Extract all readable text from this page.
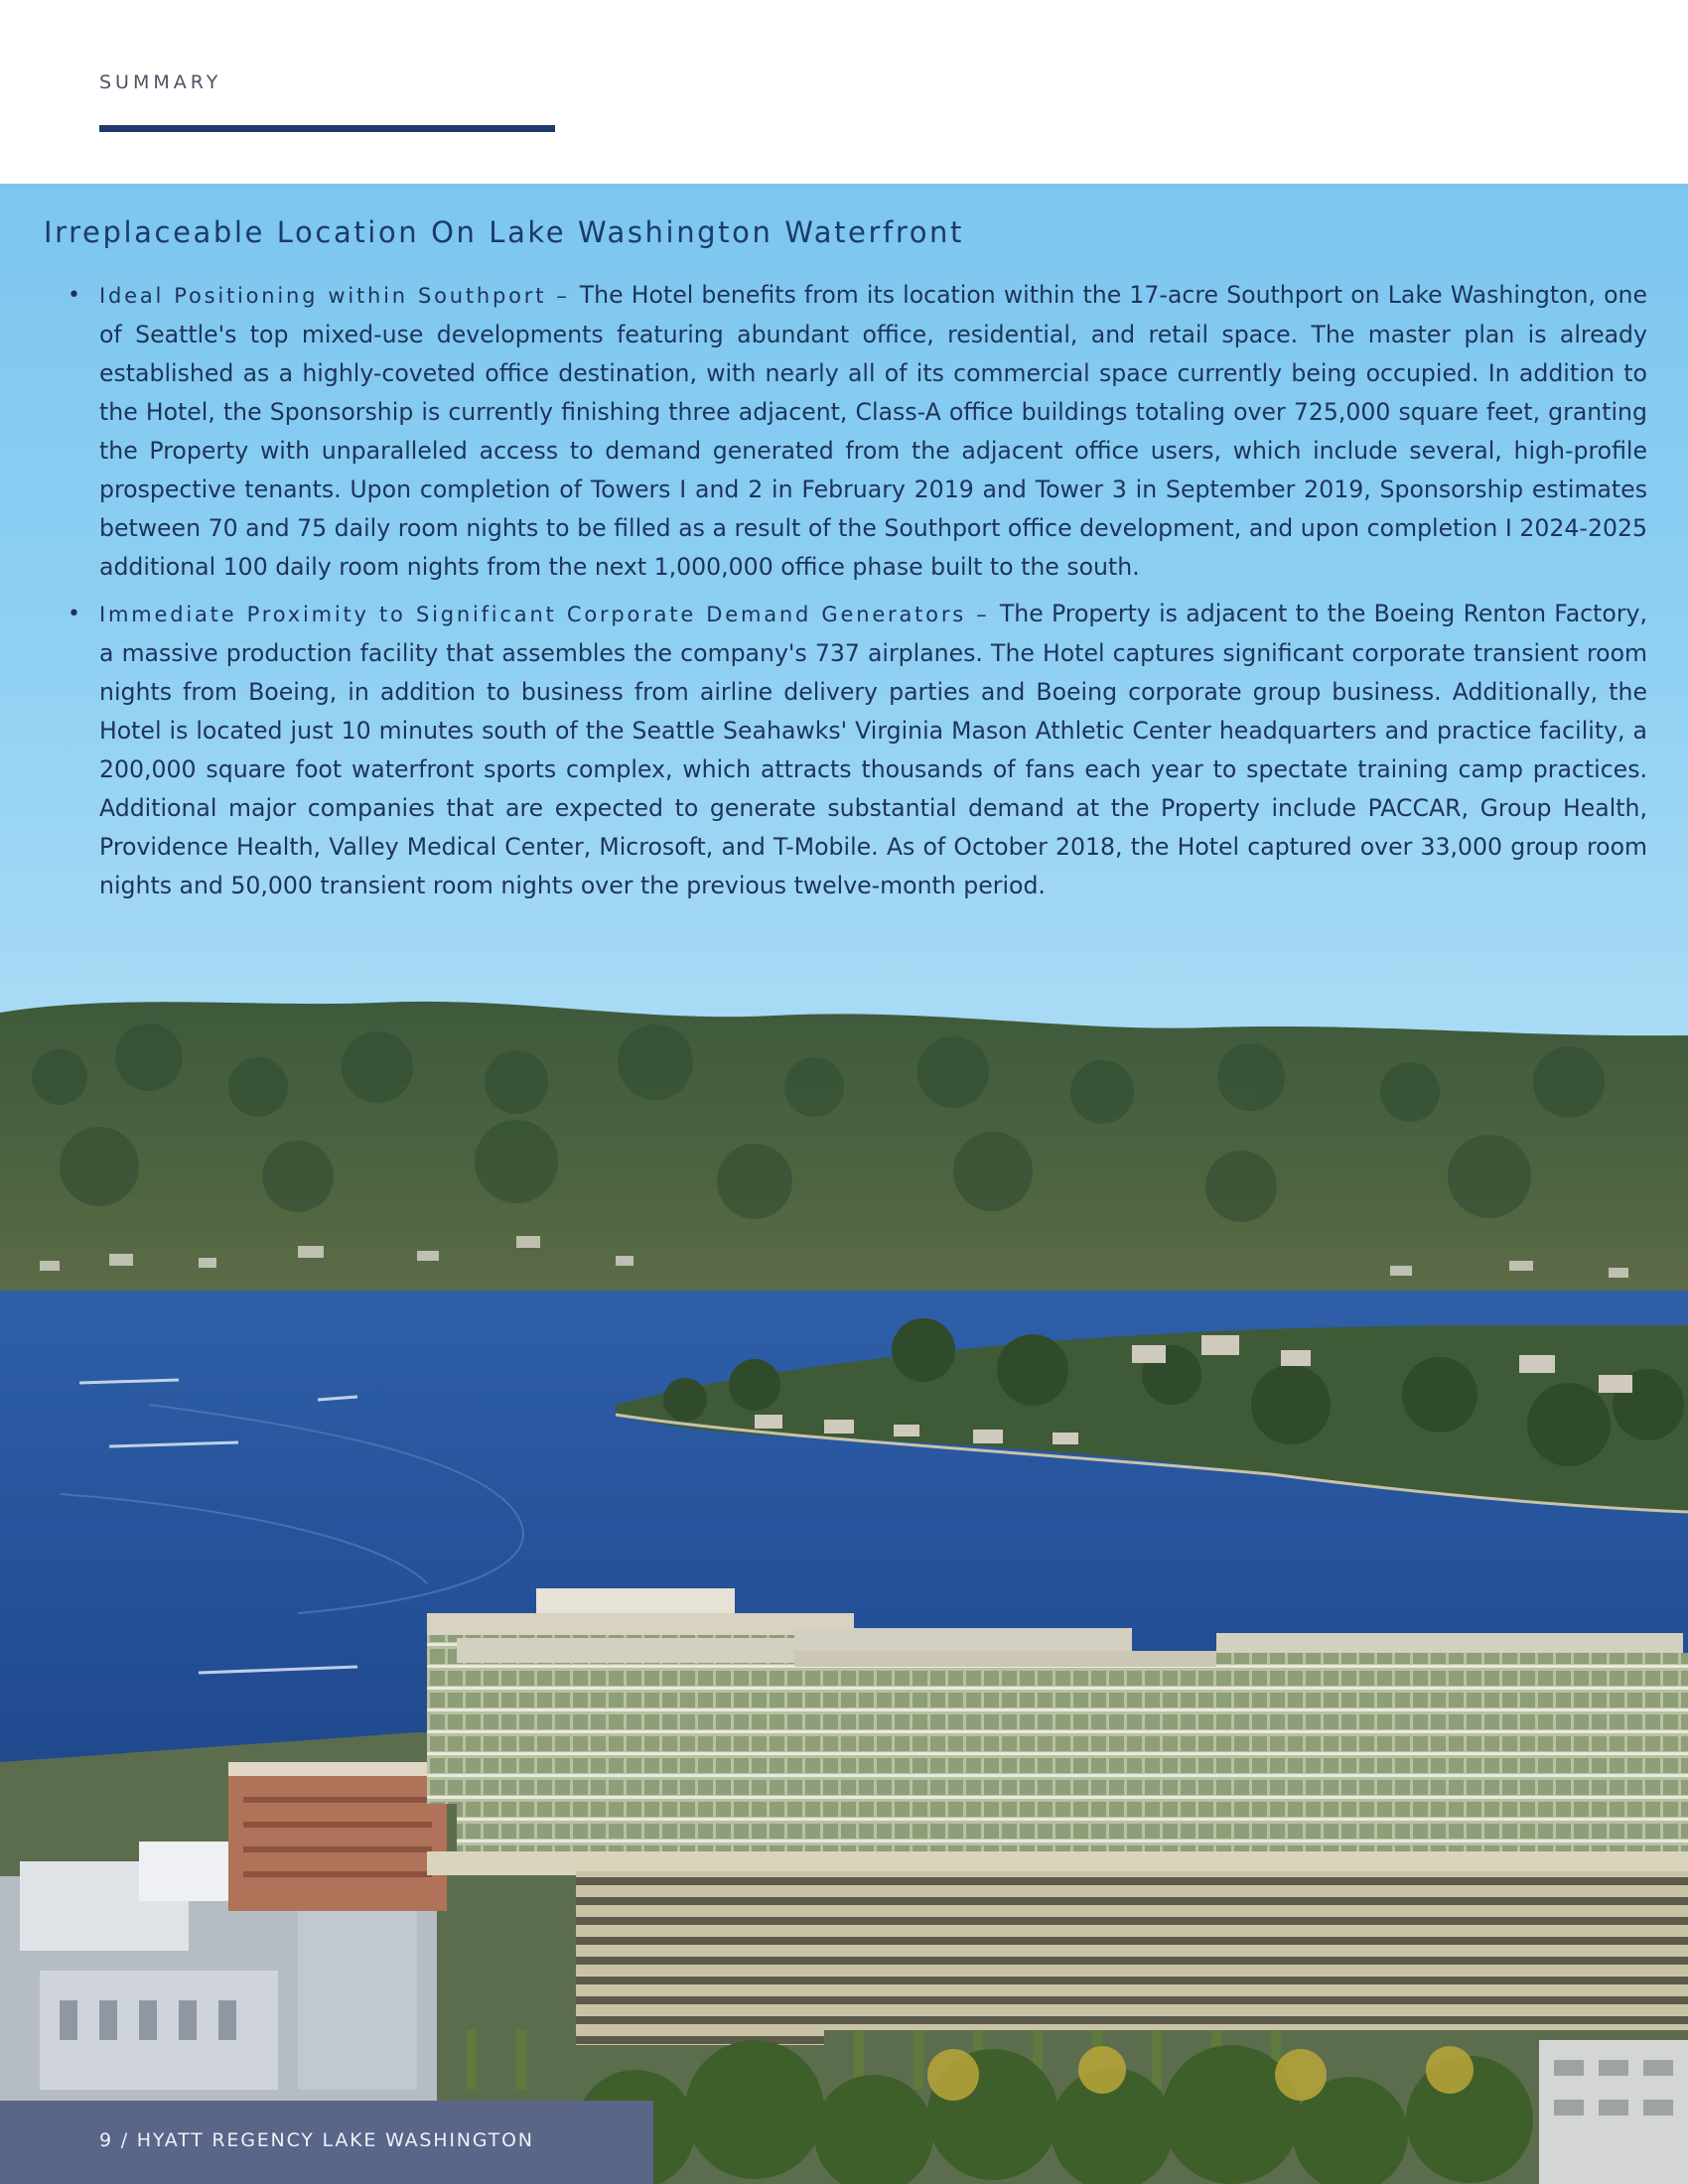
SUMMARY
Irreplaceable Location On Lake Washington Waterfront
• Ideal Positioning within Southport – The Hotel benefits from its location within the 17-acre Southport on Lake Washington, one of Seattle's top mixed-use developments featuring abundant office, residential, and retail space. The master plan is already established as a highly-coveted office destination, with nearly all of its commercial space currently being occupied. In addition to the Hotel, the Sponsorship is currently finishing three adjacent, Class-A office buildings totaling over 725,000 square feet, granting the Property with unparalleled access to demand generated from the adjacent office users, which include several, high-profile prospective tenants. Upon completion of Towers I and 2 in February 2019 and Tower 3 in September 2019, Sponsorship estimates between 70 and 75 daily room nights to be filled as a result of the Southport office development, and upon completion I 2024-2025 additional 100 daily room nights from the next 1,000,000 office phase built to the south.
• Immediate Proximity to Significant Corporate Demand Generators – The Property is adjacent to the Boeing Renton Factory, a massive production facility that assembles the company's 737 airplanes. The Hotel captures significant corporate transient room nights from Boeing, in addition to business from airline delivery parties and Boeing corporate group business. Additionally, the Hotel is located just 10 minutes south of the Seattle Seahawks' Virginia Mason Athletic Center headquarters and practice facility, a 200,000 square foot waterfront sports complex, which attracts thousands of fans each year to spectate training camp practices. Additional major companies that are expected to generate substantial demand at the Property include PACCAR, Group Health, Providence Health, Valley Medical Center, Microsoft, and T-Mobile. As of October 2018, the Hotel captured over 33,000 group room nights and 50,000 transient room nights over the previous twelve-month period.
9 / HYATT REGENCY LAKE WASHINGTON
